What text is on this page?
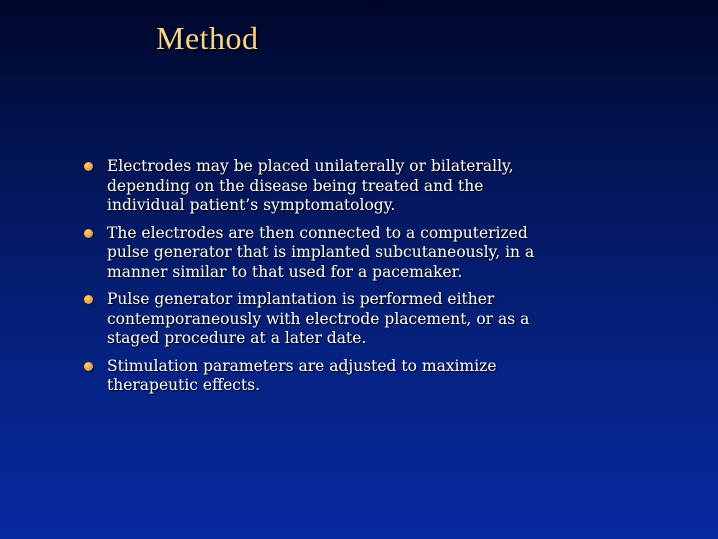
Method
Electrodes may be placed unilaterally or bilaterally,
depending on the disease being treated and the
individual patient’s symptomatology.
The electrodes are then connected to a computerized
pulse generator that is implanted subcutaneously, in a
manner similar to that used for a pacemaker.
Pulse generator implantation is performed either
contemporaneously with electrode placement, or as a
staged procedure at a later date.
Stimulation parameters are adjusted to maximize
therapeutic effects.
